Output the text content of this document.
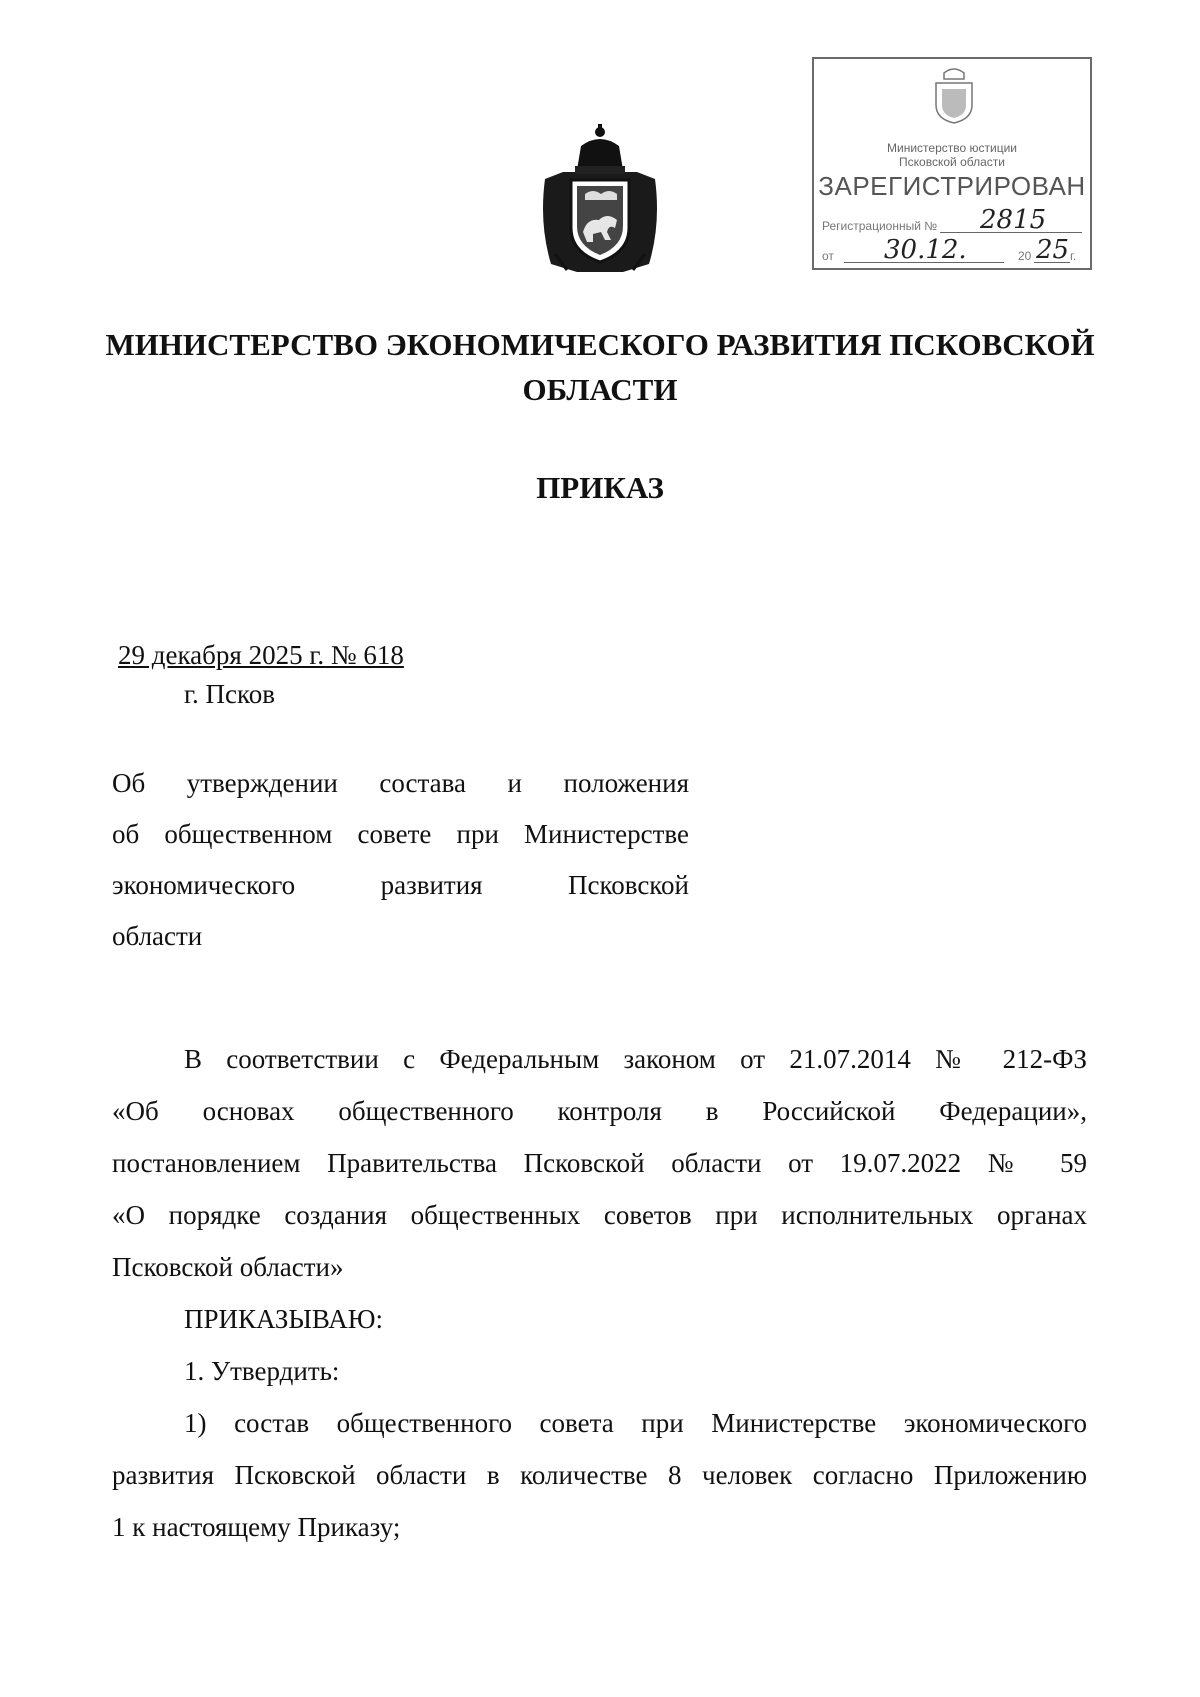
Министерство юстиции
Псковской области
ЗАРЕГИСТРИРОВАН
Регистрационный № 2815
от 30.12.	20 25 г.
МИНИСТЕРСТВО ЭКОНОМИЧЕСКОГО РАЗВИТИЯ ПСКОВСКОЙ
ОБЛАСТИ
ПРИКАЗ
29 декабря 2025 г. № 618
г. Псков
Об утверждении состава и положения
об общественном совете при Министерстве
экономического развития Псковской
области
В соответствии с Федеральным законом от 21.07.2014 № 212-ФЗ
«Об основах общественного контроля в Российской Федерации»,
постановлением Правительства Псковской области от 19.07.2022 № 59
«О порядке создания общественных советов при исполнительных органах
Псковской области»
ПРИКАЗЫВАЮ:
1. Утвердить:
1) состав общественного совета при Министерстве экономического
развития Псковской области в количестве 8 человек согласно Приложению
1 к настоящему Приказу;
